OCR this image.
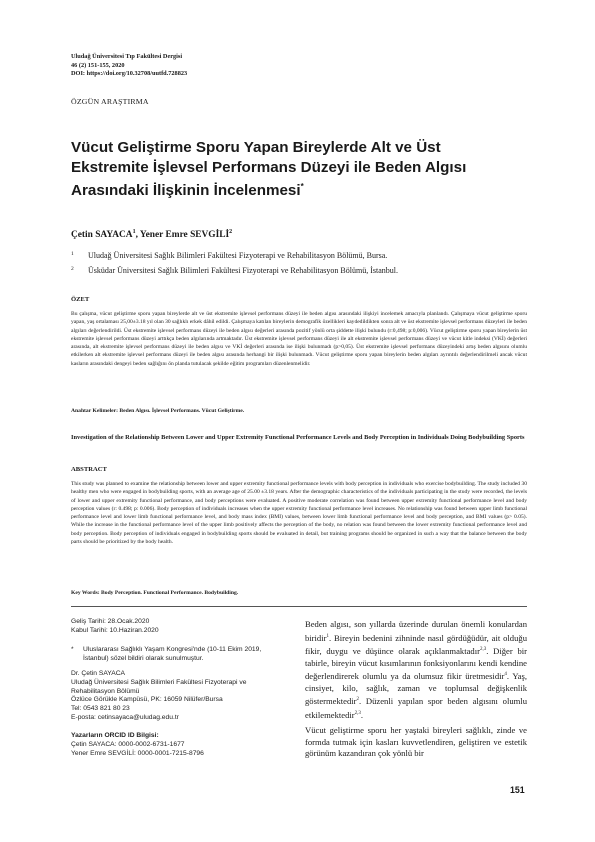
Uludağ Üniversitesi Tıp Fakültesi Dergisi
46 (2) 151-155, 2020
DOI: https://doi.org/10.32708/uutfd.728823
ÖZGÜN ARAŞTIRMA
Vücut Geliştirme Sporu Yapan Bireylerde Alt ve Üst
Ekstremite İşlevsel Performans Düzeyi ile Beden Algısı
Arasındaki İlişkinin İncelenmesi*
Çetin SAYACA$^1$, Yener Emre SEVGİLİ$^2$
1 Uludağ Üniversitesi Sağlık Bilimleri Fakültesi Fizyoterapi ve Rehabilitasyon Bölümü, Bursa.
2 Üsküdar Üniversitesi Sağlık Bilimleri Fakültesi Fizyoterapi ve Rehabilitasyon Bölümü, İstanbul.
ÖZET
Bu çalışma, vücut geliştirme sporu yapan bireylerde alt ve üst ekstremite işlevsel performans düzeyi ile beden algısı arasındaki ilişkiyi incelemek amacıyla planlandı. Çalışmaya vücut geliştirme sporu yapan, yaş ortalaması 25,00±3.18 yıl olan 30 sağlıklı erkek dâhil edildi. Çalışmaya katılan bireylerin demografik özellikleri kaydedildikten sonra alt ve üst ekstremite işlevsel performans düzeyleri ile beden algıları değerlendirildi. Üst ekstremite işlevsel performans düzeyi ile beden algısı değerleri arasında pozitif yönlü orta şiddette ilişki bulundu (r:0,498; p:0,006). Vücut geliştirme sporu yapan bireylerin üst ekstremite işlevsel performans düzeyi arttıkça beden algılarında artmaktadır. Üst ekstremite işlevsel performans düzeyi ile alt ekstremite işlevsel performans düzeyi ve vücut kitle indeksi (VKİ) değerleri arasında, alt ekstremite işlevsel performans düzeyi ile beden algısı ve VKİ değerleri arasında ise ilişki bulunmadı (p>0,05). Üst ekstremite işlevsel performans düzeyindeki artış beden algısını olumlu etkilerken alt ekstremite işlevsel performans düzeyi ile beden algısı arasında herhangi bir ilişki bulunmadı. Vücut geliştirme sporu yapan bireylerin beden algıları ayrıntılı değerlendirilmeli ancak vücut kasların arasındaki dengeyi beden sağlığını ön planda tutulacak şekilde eğitim programları düzenlenmelidir.
Anahtar Kelimeler: Beden Algısı. İşlevsel Performans. Vücut Geliştirme.
Investigation of the Relationship Between Lower and Upper Extremity Functional Performance Levels and Body Perception in Individuals Doing Bodybuilding Sports
ABSTRACT
This study was planned to examine the relationship between lower and upper extremity functional performance levels with body perception in individuals who exercise bodybuilding. The study included 30 healthy men who were engaged in bodybuilding sports, with an average age of 25.00 ±3.18 years. After the demographic characteristics of the individuals participating in the study were recorded, the levels of lower and upper extremity functional performance, and body perceptions were evaluated. A positive moderate correlation was found between upper extremity functional performance level and body perception values (r: 0.498; p: 0.006). Body perception of individuals increases when the upper extremity functional performance level increases. No relationship was found between upper limb functional performance level and lower limb functional performance level, and body mass index (BMI) values, between lower limb functional performance level and body perception, and BMI values (p> 0.05). While the increase in the functional performance level of the upper limb positively affects the perception of the body, no relation was found between the lower extremity functional performance level and body perception. Body perception of individuals engaged in bodybuilding sports should be evaluated in detail, but training programs should be organized in such a way that the balance between the body parts should be prioritized by the body health.
Key Words: Body Perception. Functional Performance. Bodybuilding.
Geliş Tarihi: 28.Ocak.2020
Kabul Tarihi: 10.Haziran.2020
* Uluslararası Sağlıklı Yaşam Kongresi'nde (10-11 Ekim 2019, İstanbul) sözel bildiri olarak sunulmuştur.
Dr. Çetin SAYACA
Uludağ Üniversitesi Sağlık Bilimleri Fakültesi Fizyoterapi ve
Rehabilitasyon Bölümü
Özlüce Görükle Kampüsü, PK: 16059 Nilüfer/Bursa
Tel: 0543 821 80 23
E-posta: cetinsayaca@uludag.edu.tr
Yazarların ORCID ID Bilgisi:
Çetin SAYACA: 0000-0002-6731-1677
Yener Emre SEVGİLİ: 0000-0001-7215-8796

Beden algısı, son yıllarda üzerinde durulan önemli konulardan biridir$^1$. Bireyin bedenini zihninde nasıl gördüğüdür, ait olduğu fikir, duygu ve düşünce olarak açıklanmaktadır$^{2,3}$. Diğer bir tabirle, bireyin vücut kısımlarının fonksiyonlarını kendi kendine değerlendirerek olumlu ya da olumsuz fikir üretmesidir$^4$. Yaş, cinsiyet, kilo, sağlık, zaman ve toplumsal değişkenlik göstermektedir$^2$. Düzenli yapılan spor beden algısını olumlu etkilemektedir$^{2,3}$.

Vücut geliştirme sporu her yaştaki bireyleri sağlıklı, zinde ve formda tutmak için kasları kuvvetlendiren, geliştiren ve estetik görünüm kazandıran çok yönlü bir

151
